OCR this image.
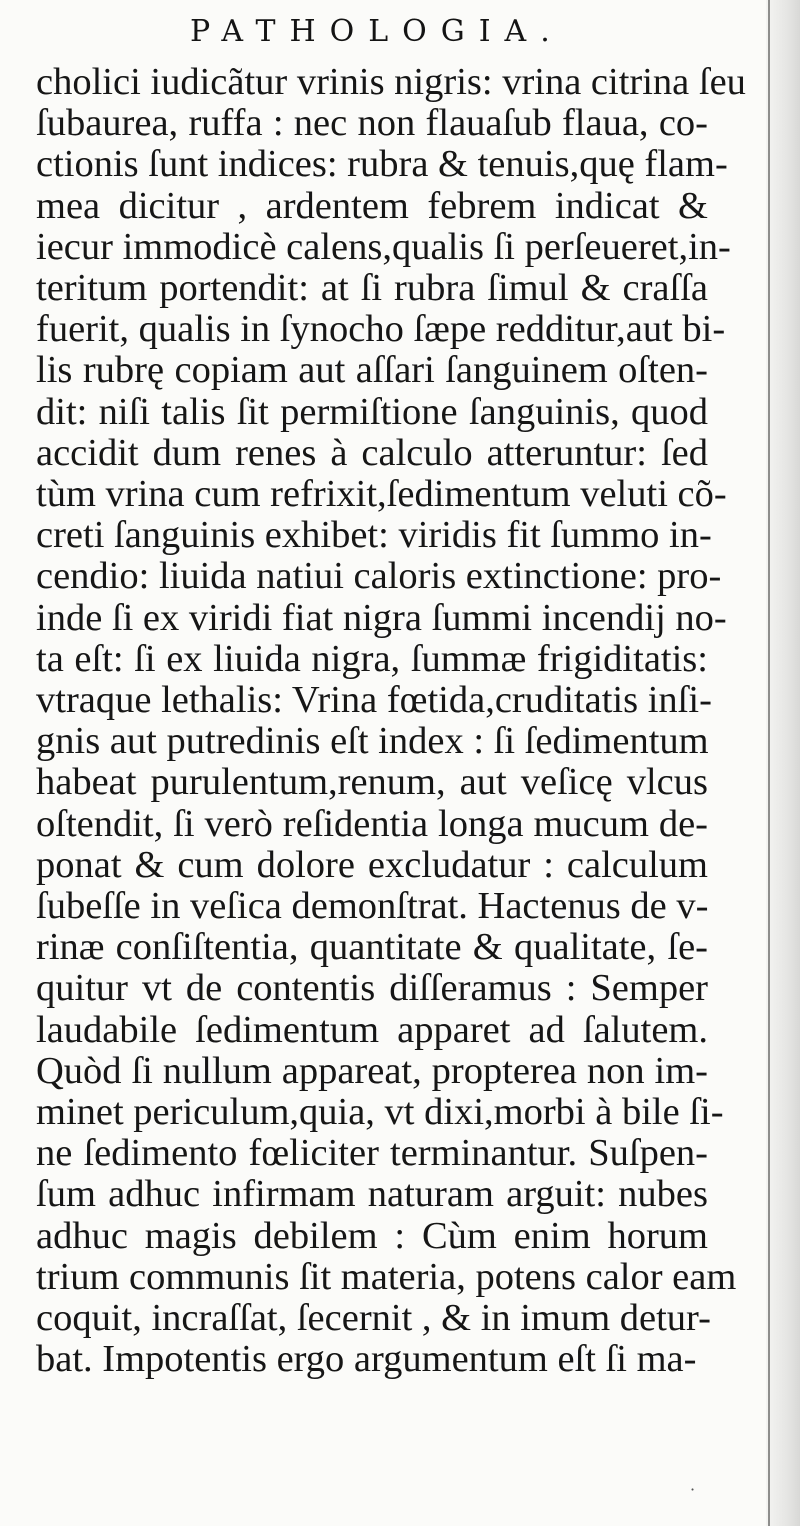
PATHOLOGIA.
cholici iudicãtur vrinis nigris: vrina citrina ſeu
ſubaurea, ruffa : nec non flauaſub flaua, co-
ctionis ſunt indices: rubra & tenuis,quę flam-
mea dicitur , ardentem febrem indicat &
iecur immodicè calens,qualis ſi perſeueret,in-
teritum portendit: at ſi rubra ſimul & craſſa
fuerit, qualis in ſynocho ſæpe redditur,aut bi-
lis rubrę copiam aut aſſari ſanguinem oſten-
dit: niſi talis ſit permiſtione ſanguinis, quod
accidit dum renes à calculo atteruntur: ſed
tùm vrina cum refrixit,ſedimentum veluti cõ-
creti ſanguinis exhibet: viridis fit ſummo in-
cendio: liuida natiui caloris extinctione: pro-
inde ſi ex viridi fiat nigra ſummi incendij no-
ta eſt: ſi ex liuida nigra, ſummæ frigiditatis:
vtraque lethalis: Vrina fœtida,cruditatis inſi-
gnis aut putredinis eſt index : ſi ſedimentum
habeat purulentum,renum, aut veſicę vlcus
oſtendit, ſi verò reſidentia longa mucum de-
ponat & cum dolore excludatur : calculum
ſubeſſe in veſica demonſtrat. Hactenus de v-
rinæ conſiſtentia, quantitate & qualitate, ſe-
quitur vt de contentis diſſeramus : Semper
laudabile ſedimentum apparet ad ſalutem.
Quòd ſi nullum appareat, propterea non im-
minet periculum,quia, vt dixi,morbi à bile ſi-
ne ſedimento fœliciter terminantur. Suſpen-
ſum adhuc infirmam naturam arguit: nubes
adhuc magis debilem : Cùm enim horum
trium communis ſit materia, potens calor eam
coquit, incraſſat, ſecernit , & in imum detur-
bat. Impotentis ergo argumentum eſt ſi ma-
·
